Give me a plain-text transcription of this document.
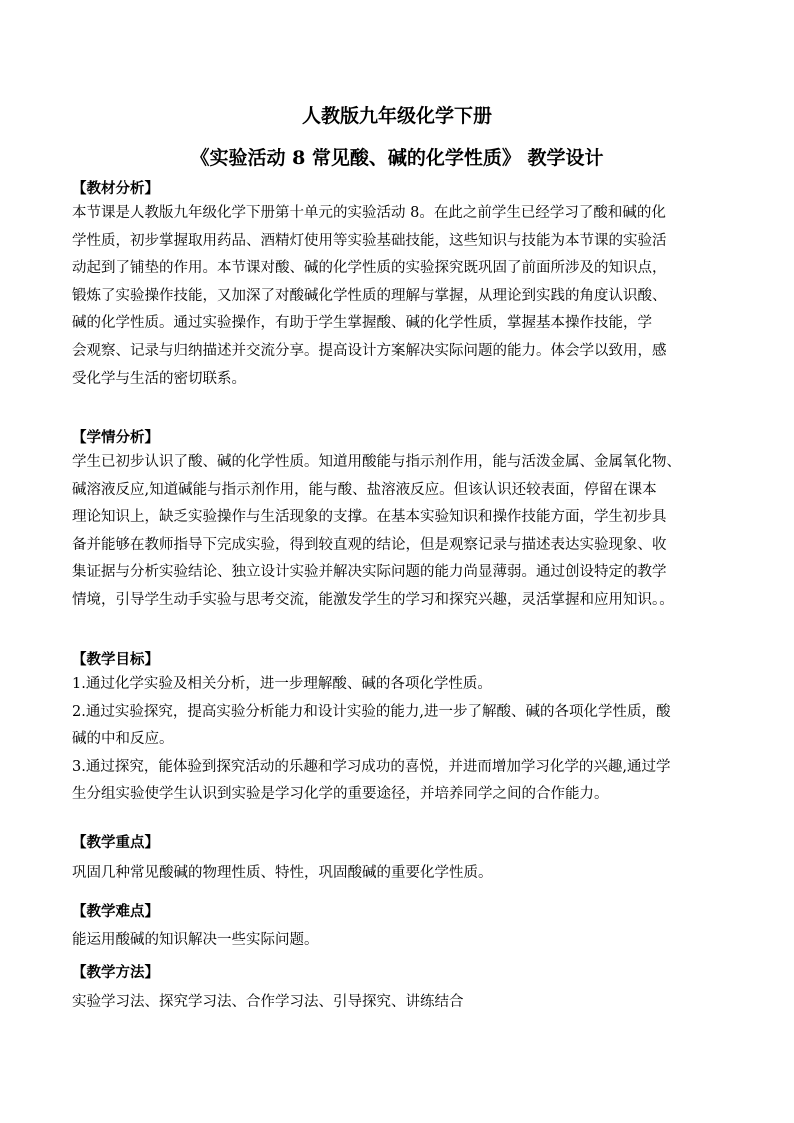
人教版九年级化学下册
《实验活动 8 常见酸、碱的化学性质》 教学设计
【教材分析】
本节课是人教版九年级化学下册第十单元的实验活动 8。在此之前学生已经学习了酸和碱的化
学性质，初步掌握取用药品、酒精灯使用等实验基础技能，这些知识与技能为本节课的实验活
动起到了铺垫的作用。本节课对酸、碱的化学性质的实验探究既巩固了前面所涉及的知识点，
锻炼了实验操作技能，又加深了对酸碱化学性质的理解与掌握，从理论到实践的角度认识酸、
碱的化学性质。通过实验操作，有助于学生掌握酸、碱的化学性质，掌握基本操作技能，学
会观察、记录与归纳描述并交流分享。提高设计方案解决实际问题的能力。体会学以致用，感
受化学与生活的密切联系。
【学情分析】
学生已初步认识了酸、碱的化学性质。知道用酸能与指示剂作用，能与活泼金属、金属氧化物、
碱溶液反应,知道碱能与指示剂作用，能与酸、盐溶液反应。但该认识还较表面，停留在课本
理论知识上，缺乏实验操作与生活现象的支撑。在基本实验知识和操作技能方面，学生初步具
备并能够在教师指导下完成实验，得到较直观的结论，但是观察记录与描述表达实验现象、收
集证据与分析实验结论、独立设计实验并解决实际问题的能力尚显薄弱。通过创设特定的教学
情境，引导学生动手实验与思考交流，能激发学生的学习和探究兴趣，灵活掌握和应用知识。。
【教学目标】
1.通过化学实验及相关分析，进一步理解酸、碱的各项化学性质。
2.通过实验探究，提高实验分析能力和设计实验的能力,进一步了解酸、碱的各项化学性质，酸
碱的中和反应。
3.通过探究，能体验到探究活动的乐趣和学习成功的喜悦，并进而增加学习化学的兴趣,通过学
生分组实验使学生认识到实验是学习化学的重要途径，并培养同学之间的合作能力。
【教学重点】
巩固几种常见酸碱的物理性质、特性，巩固酸碱的重要化学性质。
【教学难点】
能运用酸碱的知识解决一些实际问题。
【教学方法】
实验学习法、探究学习法、合作学习法、引导探究、讲练结合
